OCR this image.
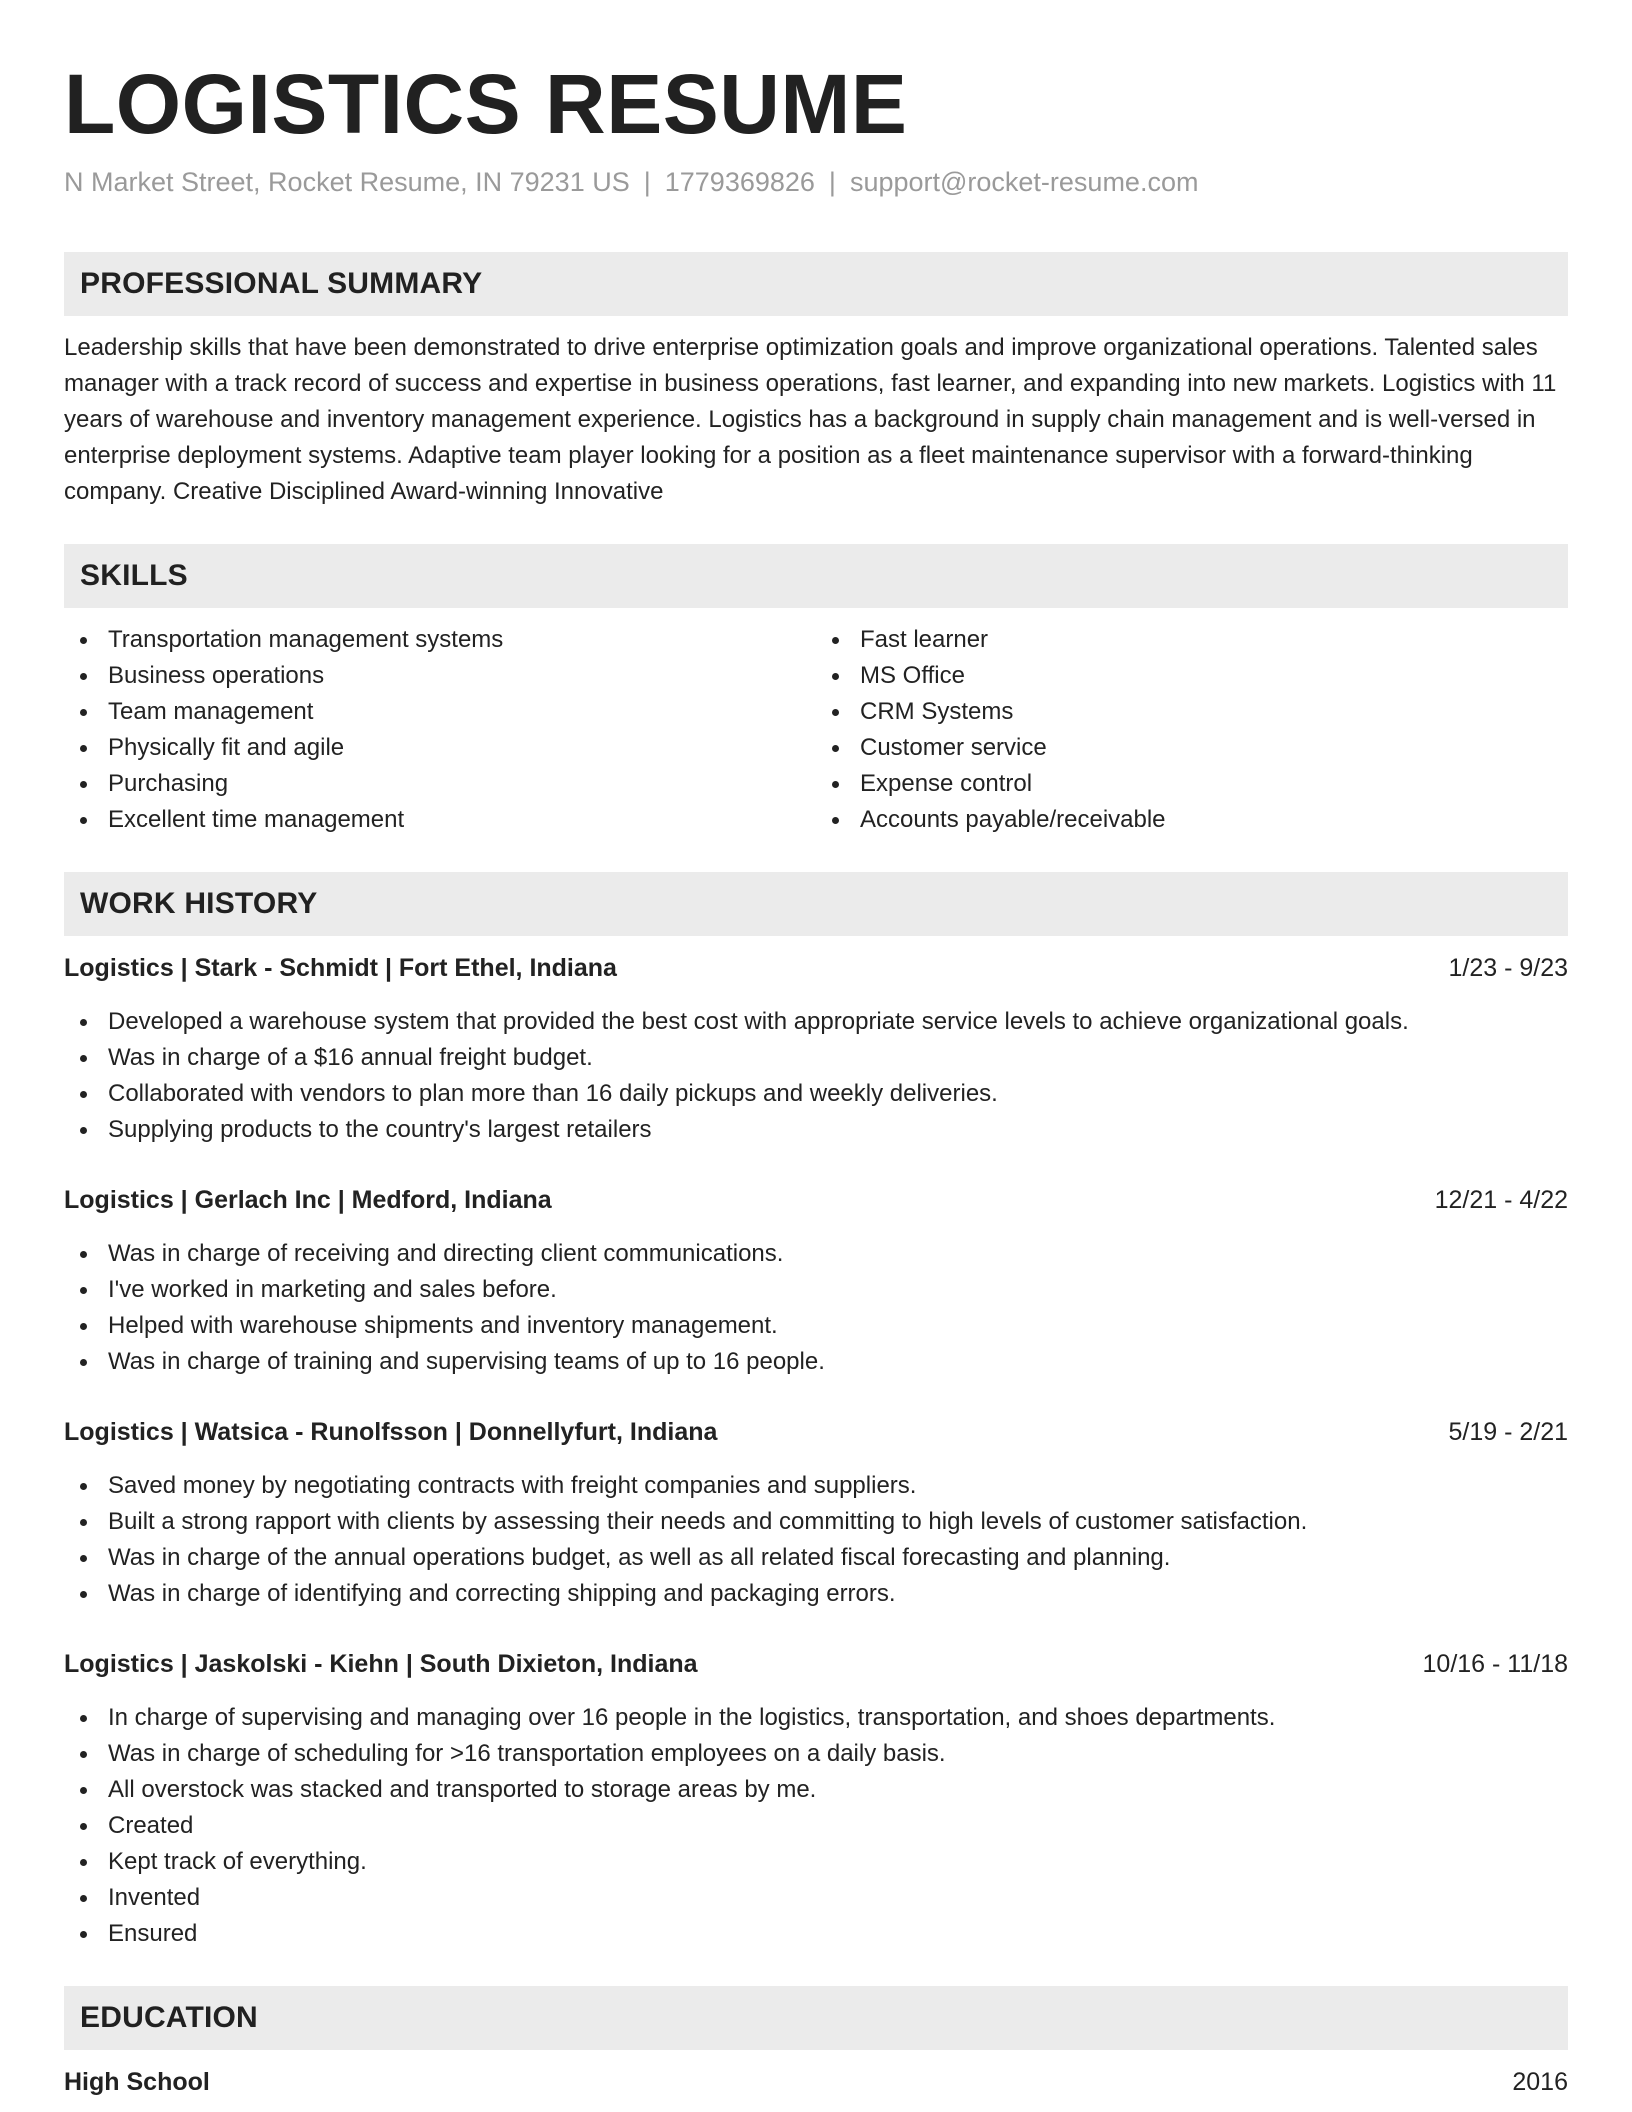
LOGISTICS RESUME
N Market Street, Rocket Resume, IN 79231 US | 1779369826 | support@rocket-resume.com
PROFESSIONAL SUMMARY
Leadership skills that have been demonstrated to drive enterprise optimization goals and improve organizational operations. Talented sales manager with a track record of success and expertise in business operations, fast learner, and expanding into new markets. Logistics with 11 years of warehouse and inventory management experience. Logistics has a background in supply chain management and is well-versed in enterprise deployment systems. Adaptive team player looking for a position as a fleet maintenance supervisor with a forward-thinking company. Creative Disciplined Award-winning Innovative
SKILLS
Transportation management systems
Business operations
Team management
Physically fit and agile
Purchasing
Excellent time management
Fast learner
MS Office
CRM Systems
Customer service
Expense control
Accounts payable/receivable
WORK HISTORY
Logistics | Stark - Schmidt | Fort Ethel, Indiana	1/23 - 9/23
Developed a warehouse system that provided the best cost with appropriate service levels to achieve organizational goals.
Was in charge of a $16 annual freight budget.
Collaborated with vendors to plan more than 16 daily pickups and weekly deliveries.
Supplying products to the country's largest retailers
Logistics | Gerlach Inc | Medford, Indiana	12/21 - 4/22
Was in charge of receiving and directing client communications.
I've worked in marketing and sales before.
Helped with warehouse shipments and inventory management.
Was in charge of training and supervising teams of up to 16 people.
Logistics | Watsica - Runolfsson | Donnellyfurt, Indiana	5/19 - 2/21
Saved money by negotiating contracts with freight companies and suppliers.
Built a strong rapport with clients by assessing their needs and committing to high levels of customer satisfaction.
Was in charge of the annual operations budget, as well as all related fiscal forecasting and planning.
Was in charge of identifying and correcting shipping and packaging errors.
Logistics | Jaskolski - Kiehn | South Dixieton, Indiana	10/16 - 11/18
In charge of supervising and managing over 16 people in the logistics, transportation, and shoes departments.
Was in charge of scheduling for >16 transportation employees on a daily basis.
All overstock was stacked and transported to storage areas by me.
Created
Kept track of everything.
Invented
Ensured
EDUCATION
High School	2016
